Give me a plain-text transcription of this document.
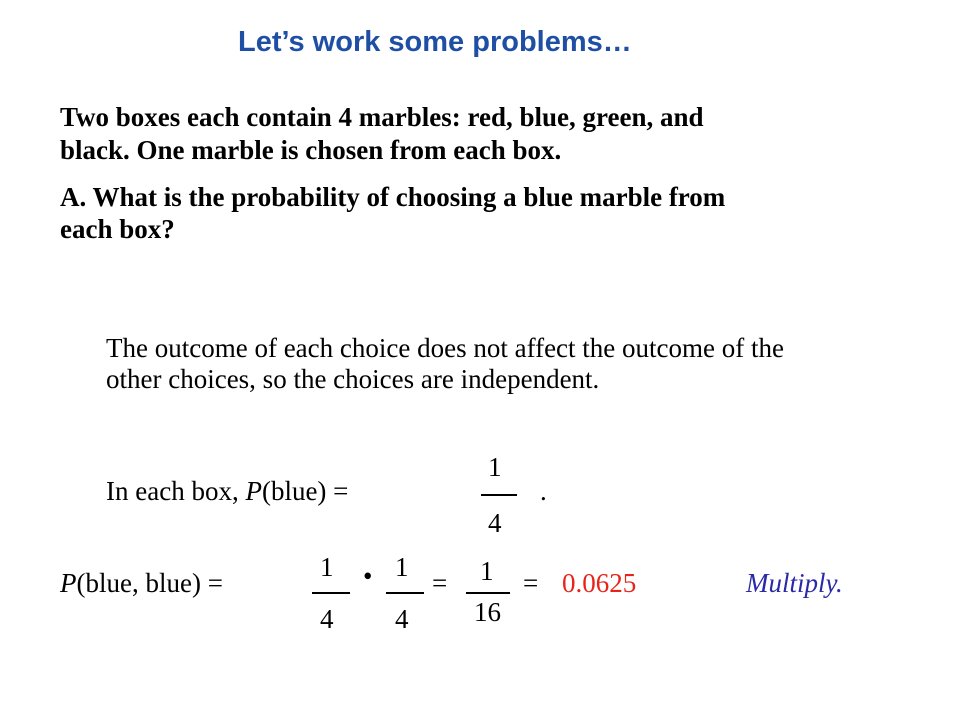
Let’s work some problems…
Two boxes each contain 4 marbles: red, blue, green, and
black. One marble is chosen from each box.
A. What is the probability of choosing a blue marble from
each box?
The outcome of each choice does not affect the outcome of the
other choices, so the choices are independent.
In each box, P(blue) =
1
4
.
P(blue, blue) =
1
4
• 1
4
= 1
16
= 0.0625	Multiply.
